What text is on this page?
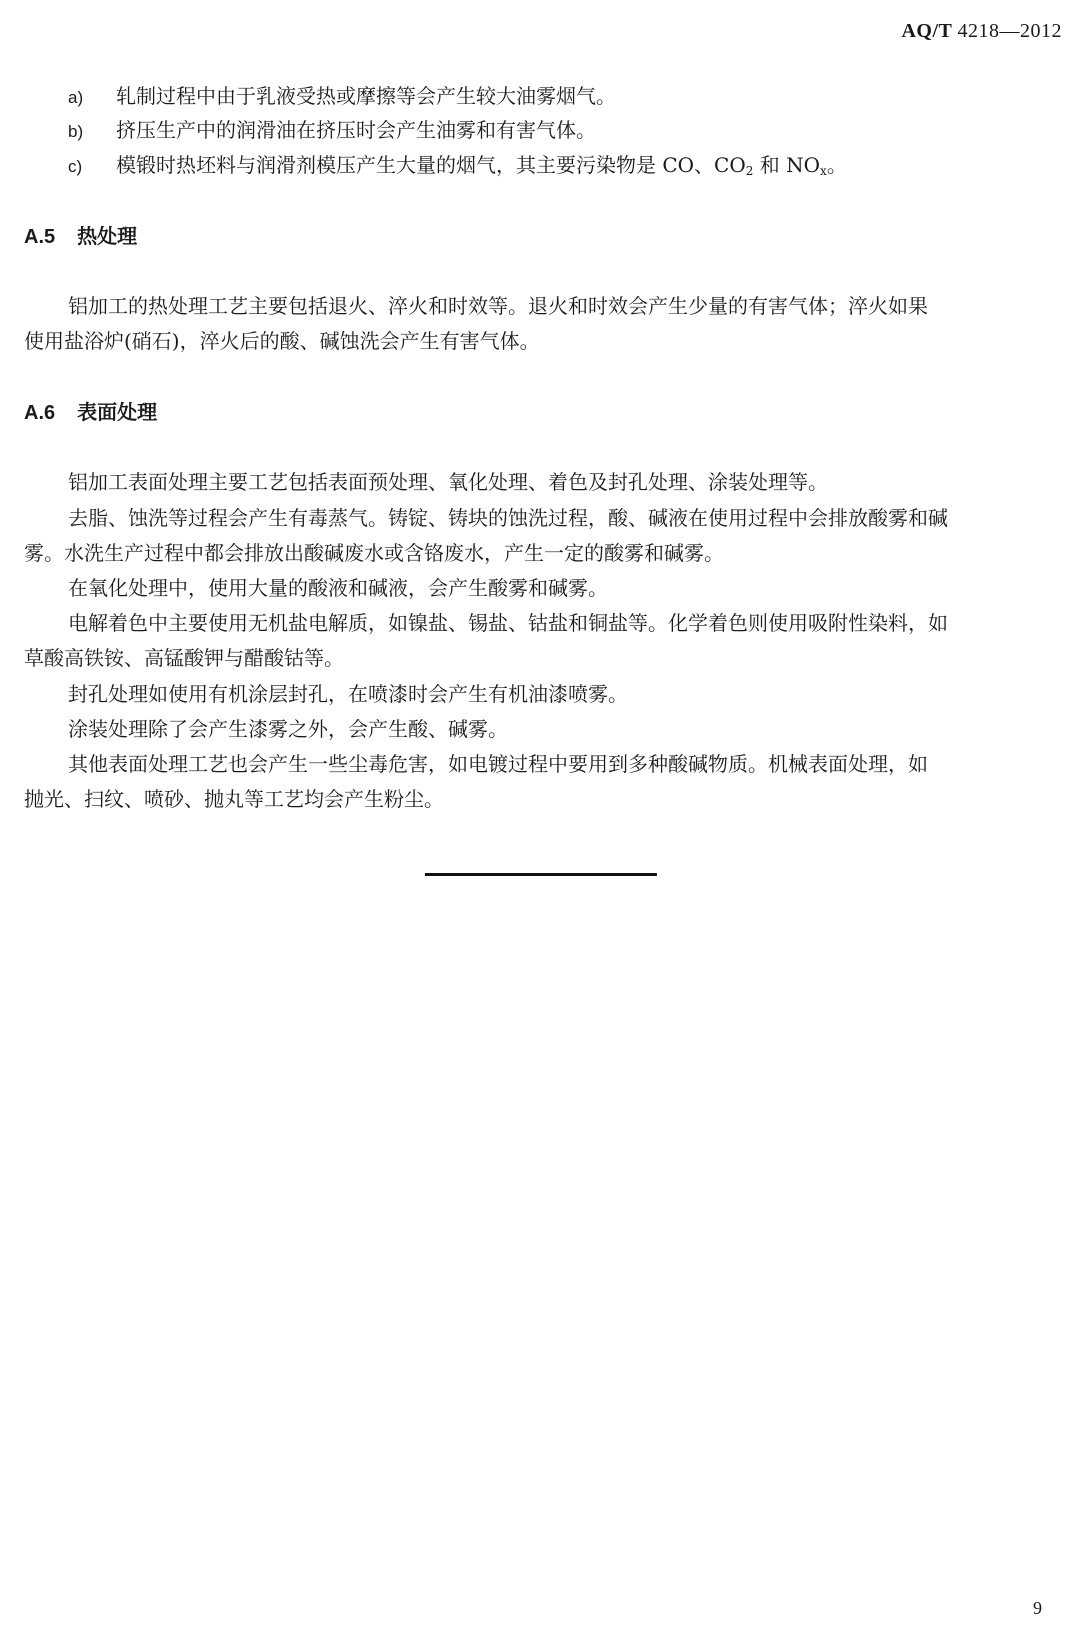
AQ/T 4218—2012
a) 轧制过程中由于乳液受热或摩擦等会产生较大油雾烟气。
b) 挤压生产中的润滑油在挤压时会产生油雾和有害气体。
c) 模锻时热坯料与润滑剂模压产生大量的烟气，其主要污染物是 CO、$CO_2$ 和 $NO_x$。
A.5 热处理
铝加工的热处理工艺主要包括退火、淬火和时效等。退火和时效会产生少量的有害气体；淬火如果
使用盐浴炉(硝石)，淬火后的酸、碱蚀洗会产生有害气体。
A.6 表面处理
铝加工表面处理主要工艺包括表面预处理、氧化处理、着色及封孔处理、涂装处理等。
去脂、蚀洗等过程会产生有毒蒸气。铸锭、铸块的蚀洗过程，酸、碱液在使用过程中会排放酸雾和碱
雾。水洗生产过程中都会排放出酸碱废水或含铬废水，产生一定的酸雾和碱雾。
在氧化处理中，使用大量的酸液和碱液，会产生酸雾和碱雾。
电解着色中主要使用无机盐电解质，如镍盐、锡盐、钴盐和铜盐等。化学着色则使用吸附性染料，如
草酸高铁铵、高锰酸钾与醋酸钴等。
封孔处理如使用有机涂层封孔，在喷漆时会产生有机油漆喷雾。
涂装处理除了会产生漆雾之外，会产生酸、碱雾。
其他表面处理工艺也会产生一些尘毒危害，如电镀过程中要用到多种酸碱物质。机械表面处理，如
抛光、扫纹、喷砂、抛丸等工艺均会产生粉尘。
9
